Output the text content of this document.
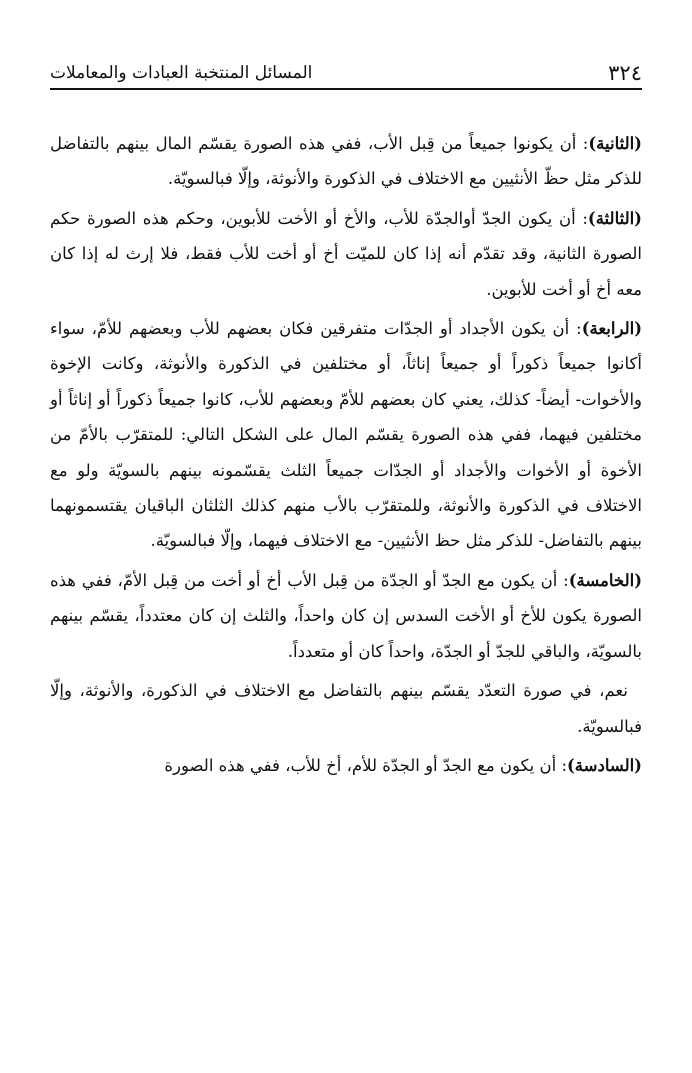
٣٢٤
المسائل المنتخبة العبادات والمعاملات

(الثانية): أن يكونوا جميعاً من قِبل الأب، ففي هذه الصورة يقسّم المال بينهم بالتفاضل للذكر مثل حظّ الأنثيين مع الاختلاف في الذكورة والأنوثة، وإلّا فبالسويّة.

(الثالثة): أن يكون الجدّ أوالجدّة للأب، والأخ أو الأخت للأبوين، وحكم هذه الصورة حكم الصورة الثانية، وقد تقدّم أنه إذا كان للميّت أخ أو أخت للأب فقط، فلا إرث له إذا كان معه أخ أو أخت للأبوين.

(الرابعة): أن يكون الأجداد أو الجدّات متفرقين فكان بعضهم للأب وبعضهم للأمّ، سواء أكانوا جميعاً ذكوراً أو جميعاً إناثاً، أو مختلفين في الذكورة والأنوثة، وكانت الإخوة والأخوات- أيضاً- كذلك، يعني كان بعضهم للأمّ وبعضهم للأب، كانوا جميعاً ذكوراً أو إناثاً أو مختلفين فيهما، ففي هذه الصورة يقسّم المال على الشكل التالي: للمتقرّب بالأمّ من الأخوة أو الأخوات والأجداد أو الجدّات جميعاً الثلث يقسّمونه بينهم بالسويّة ولو مع الاختلاف في الذكورة والأنوثة، وللمتقرّب بالأب منهم كذلك الثلثان الباقيان يقتسمونهما بينهم بالتفاضل- للذكر مثل حظ الأنثيين- مع الاختلاف فيهما، وإلّا فبالسويّة.

(الخامسة): أن يكون مع الجدّ أو الجدّة من قِبل الأب أخ أو أخت من قِبل الأمّ، ففي هذه الصورة يكون للأخ أو الأخت السدس إن كان واحداً، والثلث إن كان معتدداً، يقسّم بينهم بالسويّة، والباقي للجدّ أو الجدّة، واحداً كان أو متعدداً.

نعم، في صورة التعدّد يقسّم بينهم بالتفاضل مع الاختلاف في الذكورة، والأنوثة، وإلّا فبالسويّة.

(السادسة): أن يكون مع الجدّ أو الجدّة للأم، أخ للأب، ففي هذه الصورة
